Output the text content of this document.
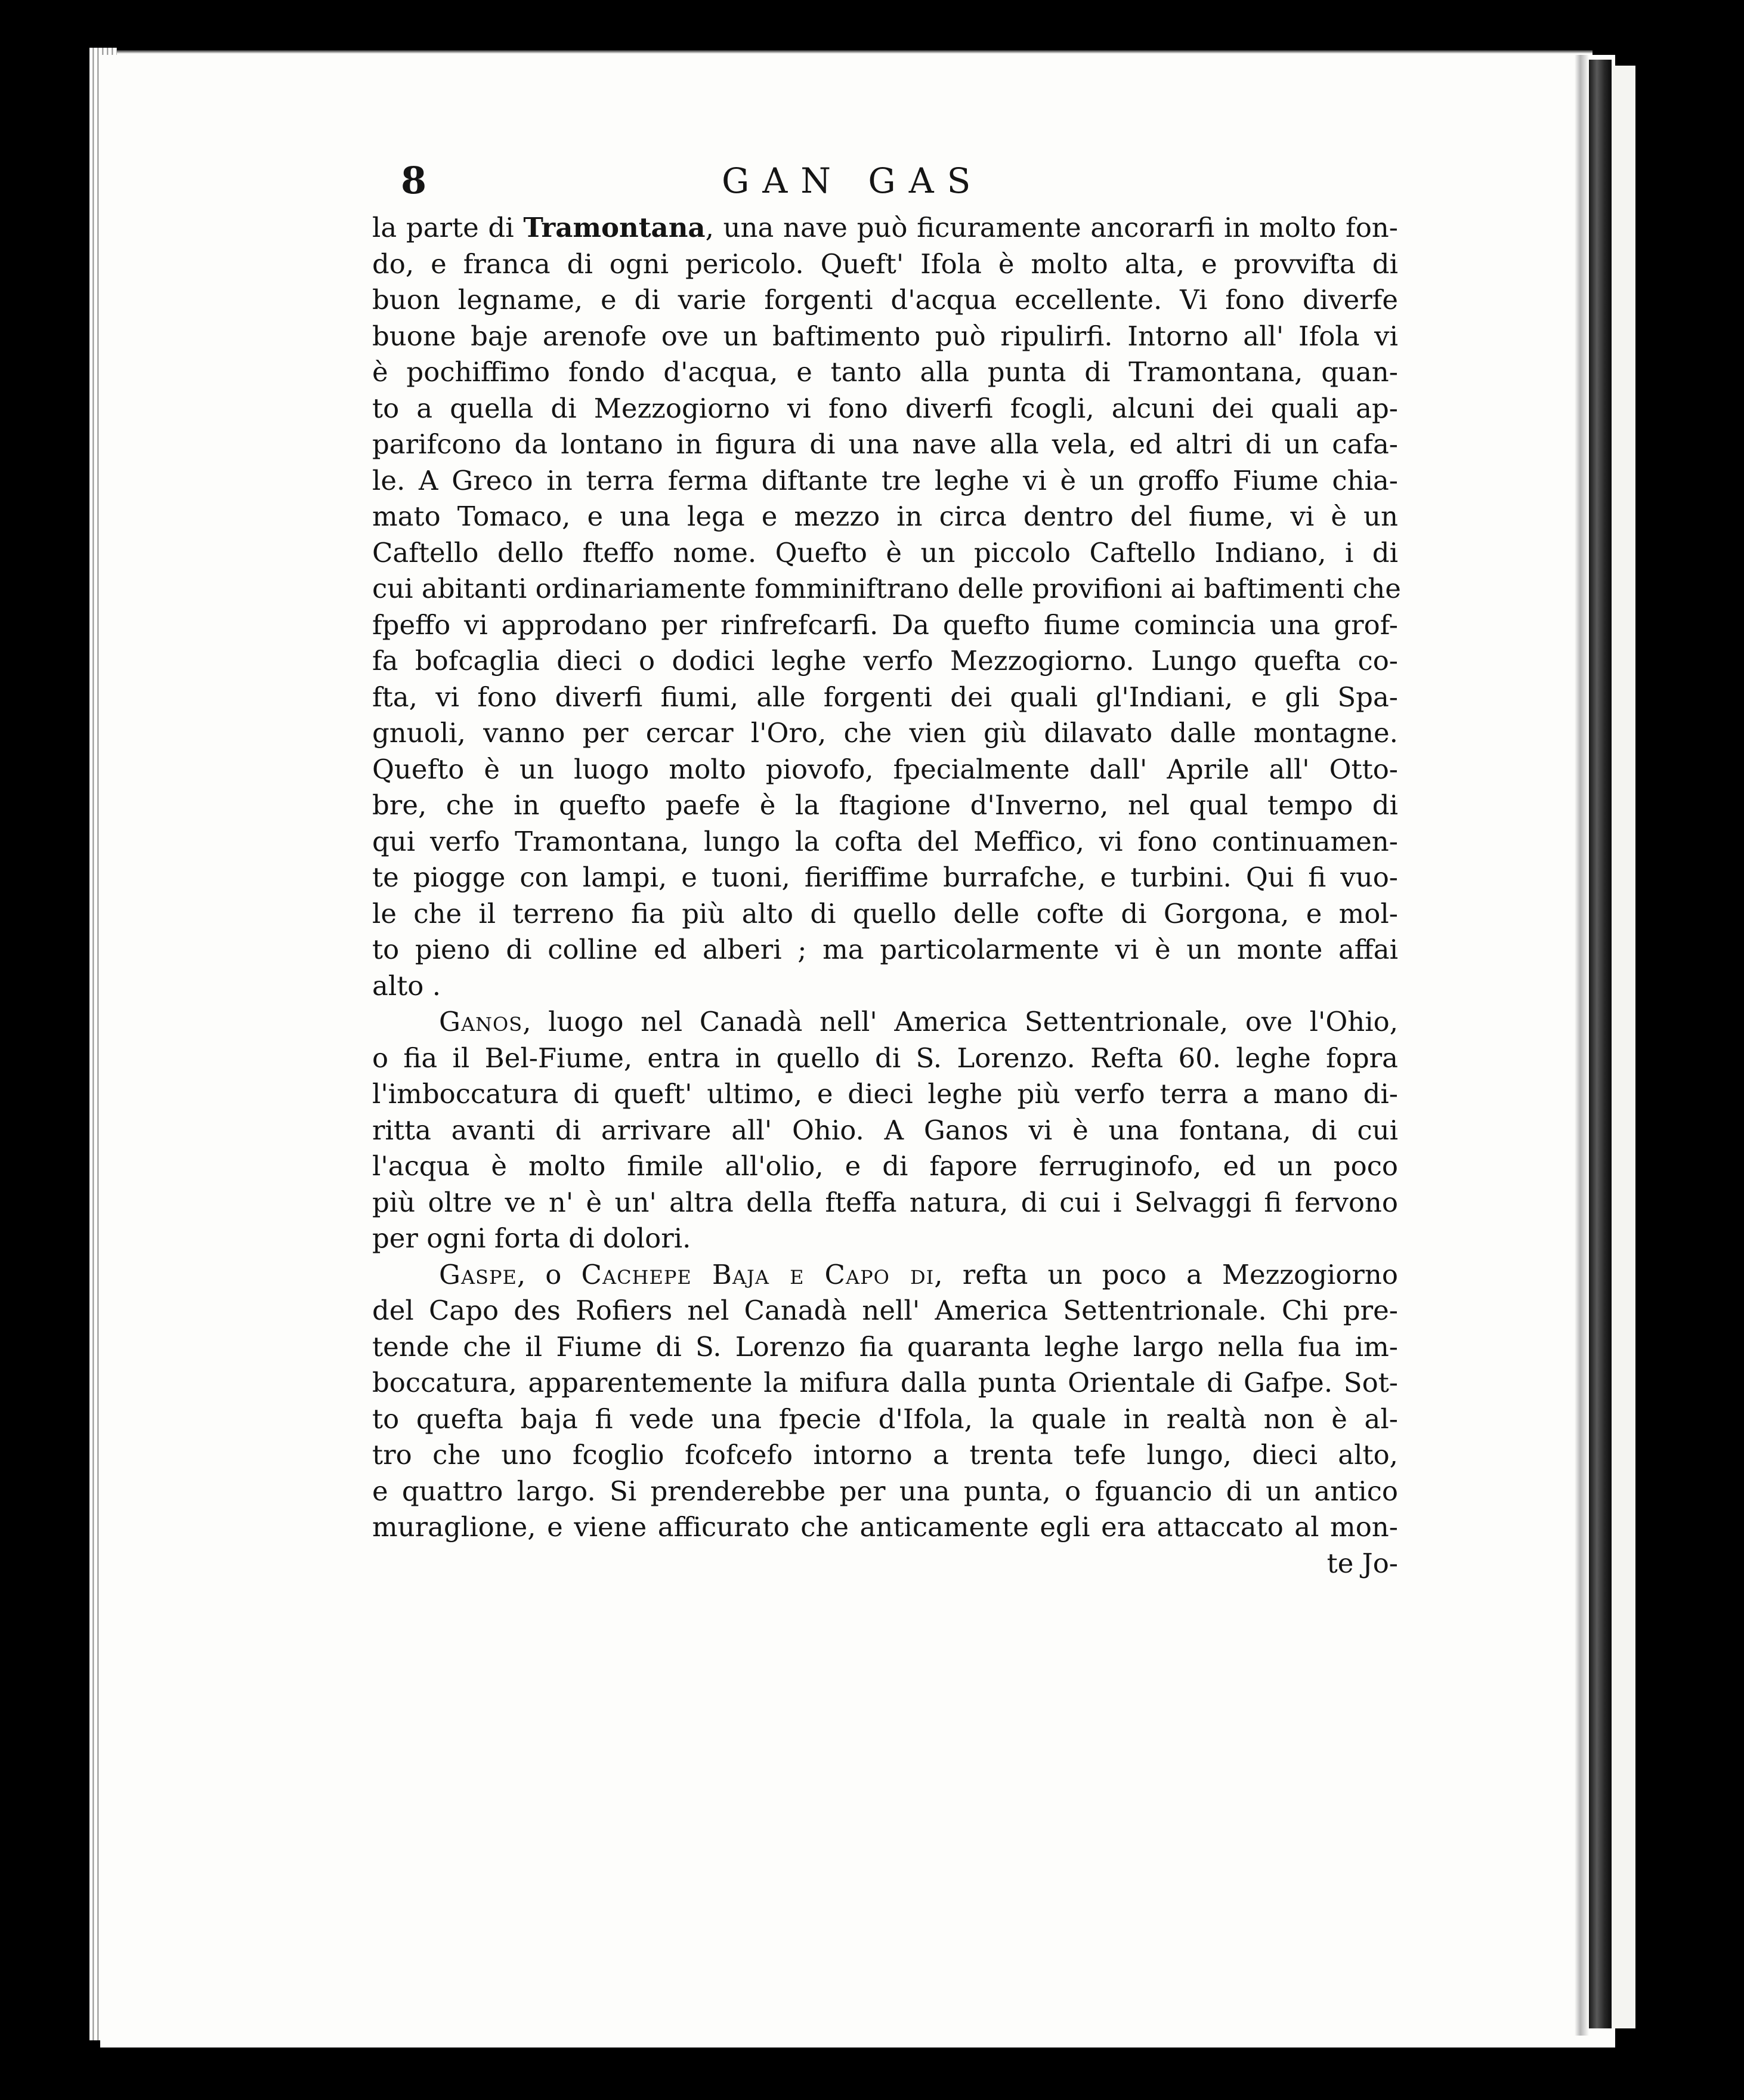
8	GAN GAS
la parte di Tramontana, una nave può ficuramente ancorarfi in molto fon-
do, e franca di ogni pericolo. Queft' Ifola è molto alta, e provvifta di
buon legname, e di varie forgenti d'acqua eccellente. Vi fono diverfe
buone baje arenofe ove un baftimento può ripulirfi. Intorno all' Ifola vi
è pochiffimo fondo d'acqua, e tanto alla punta di Tramontana, quan-
to a quella di Mezzogiorno vi fono diverfi fcogli, alcuni dei quali ap-
parifcono da lontano in figura di una nave alla vela, ed altri di un cafa-
le. A Greco in terra ferma diftante tre leghe vi è un groffo Fiume chia-
mato Tomaco, e una lega e mezzo in circa dentro del fiume, vi è un
Caftello dello fteffo nome. Quefto è un piccolo Caftello Indiano, i di
cui abitanti ordinariamente fomminiftrano delle provifioni ai baftimenti che
fpeffo vi approdano per rinfrefcarfi. Da quefto fiume comincia una grof-
fa bofcaglia dieci o dodici leghe verfo Mezzogiorno. Lungo quefta co-
fta, vi fono diverfi fiumi, alle forgenti dei quali gl'Indiani, e gli Spa-
gnuoli, vanno per cercar l'Oro, che vien giù dilavato dalle montagne.
Quefto è un luogo molto piovofo, fpecialmente dall' Aprile all' Otto-
bre, che in quefto paefe è la ftagione d'Inverno, nel qual tempo di
qui verfo Tramontana, lungo la cofta del Meffico, vi fono continuamen-
te piogge con lampi, e tuoni, fieriffime burrafche, e turbini. Qui fi vuo-
le che il terreno fia più alto di quello delle cofte di Gorgona, e mol-
to pieno di colline ed alberi ; ma particolarmente vi è un monte affai
alto .
Ganos, luogo nel Canadà nell' America Settentrionale, ove l'Ohio,
o fia il Bel-Fiume, entra in quello di S. Lorenzo. Refta 60. leghe fopra
l'imboccatura di queft' ultimo, e dieci leghe più verfo terra a mano di-
ritta avanti di arrivare all' Ohio. A Ganos vi è una fontana, di cui
l'acqua è molto fimile all'olio, e di fapore ferruginofo, ed un poco
più oltre ve n' è un' altra della fteffa natura, di cui i Selvaggi fi fervono
per ogni forta di dolori.
Gaspe, o Cachepe Baja e Capo di, refta un poco a Mezzogiorno
del Capo des Rofiers nel Canadà nell' America Settentrionale. Chi pre-
tende che il Fiume di S. Lorenzo fia quaranta leghe largo nella fua im-
boccatura, apparentemente la mifura dalla punta Orientale di Gafpe. Sot-
to quefta baja fi vede una fpecie d'Ifola, la quale in realtà non è al-
tro che uno fcoglio fcofcefo intorno a trenta tefe lungo, dieci alto,
e quattro largo. Si prenderebbe per una punta, o fguancio di un antico
muraglione, e viene afficurato che anticamente egli era attaccato al mon-
te Jo-
